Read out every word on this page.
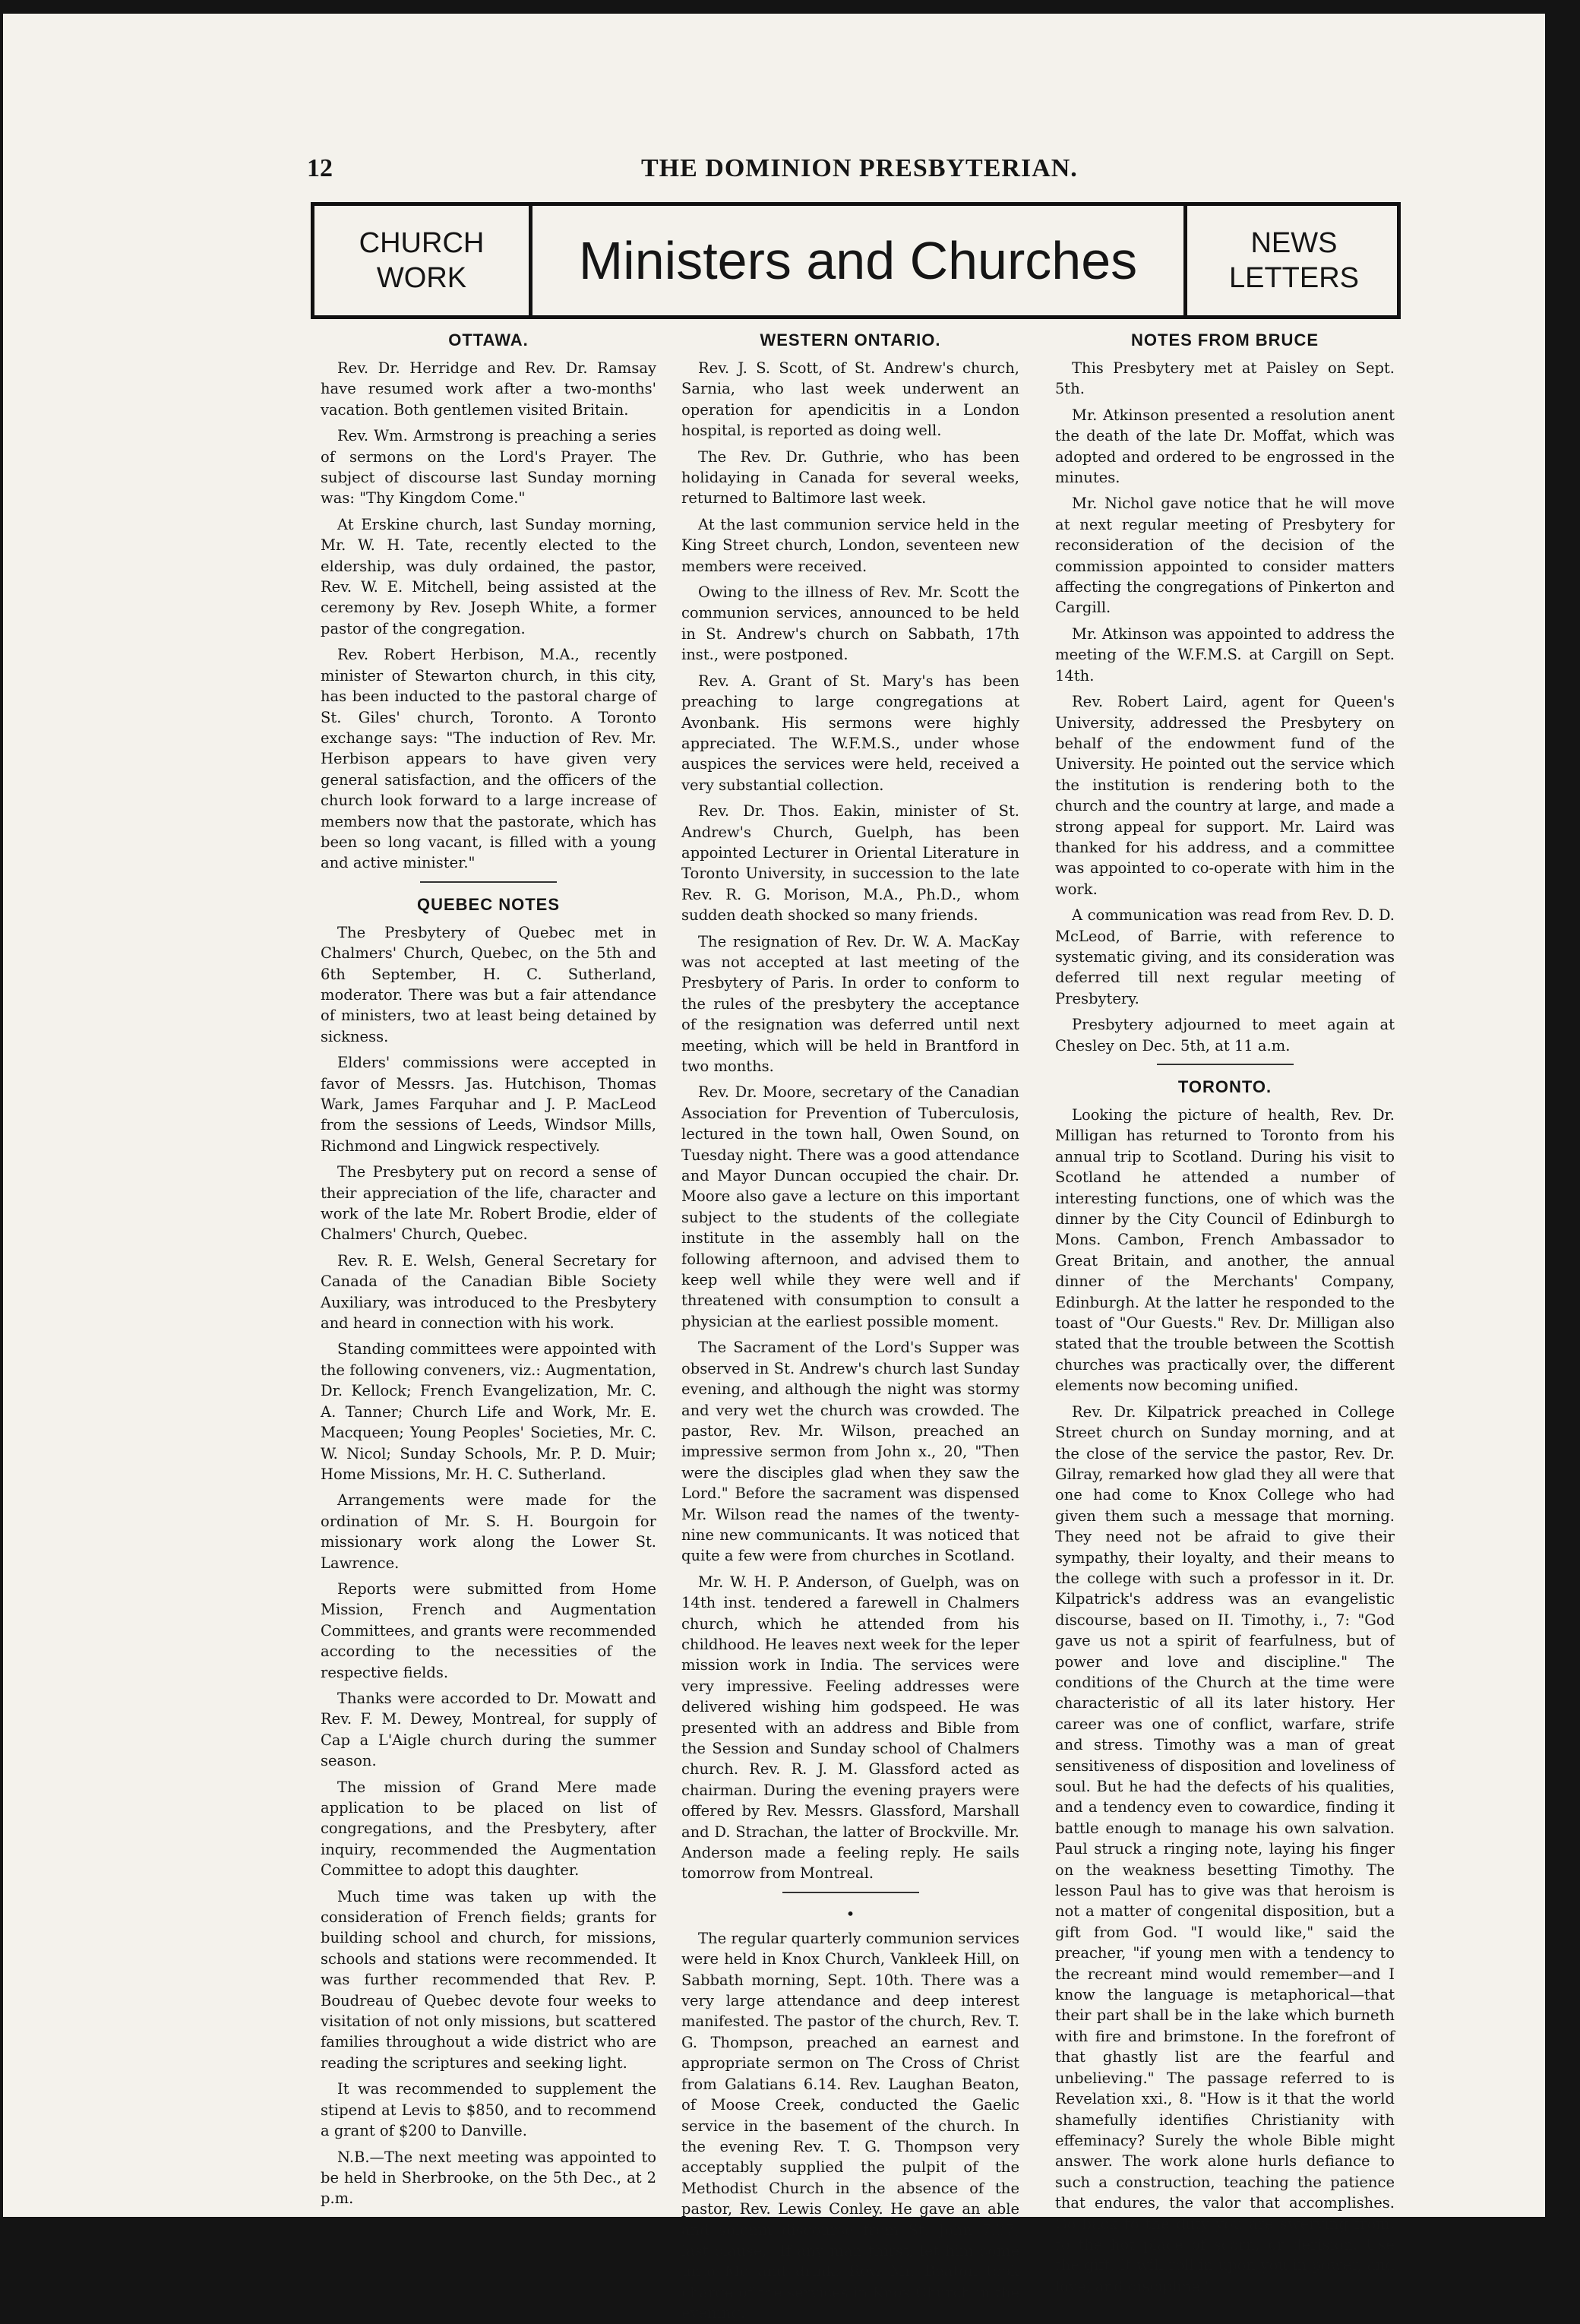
12	THE DOMINION PRESBYTERIAN.
CHURCH
WORK	Ministers and Churches	NEWS
LETTERS
OTTAWA.

Rev. Dr. Herridge and Rev. Dr. Ramsay have resumed work after a two-months' vacation. Both gentlemen visited Britain.

Rev. Wm. Armstrong is preaching a series of sermons on the Lord's Prayer. The subject of discourse last Sunday morning was: "Thy Kingdom Come."

At Erskine church, last Sunday morning, Mr. W. H. Tate, recently elected to the eldership, was duly ordained, the pastor, Rev. W. E. Mitchell, being assisted at the ceremony by Rev. Joseph White, a former pastor of the congregation.

Rev. Robert Herbison, M.A., recently minister of Stewarton church, in this city, has been inducted to the pastoral charge of St. Giles' church, Toronto. A Toronto exchange says: "The induction of Rev. Mr. Herbison appears to have given very general satisfaction, and the officers of the church look forward to a large increase of members now that the pastorate, which has been so long vacant, is filled with a young and active minister."

QUEBEC NOTES

The Presbytery of Quebec met in Chalmers' Church, Quebec, on the 5th and 6th September, H. C. Sutherland, moderator. There was but a fair attendance of ministers, two at least being detained by sickness.

Elders' commissions were accepted in favor of Messrs. Jas. Hutchison, Thomas Wark, James Farquhar and J. P. MacLeod from the sessions of Leeds, Windsor Mills, Richmond and Lingwick respectively.

The Presbytery put on record a sense of their appreciation of the life, character and work of the late Mr. Robert Brodie, elder of Chalmers' Church, Quebec.

Rev. R. E. Welsh, General Secretary for Canada of the Canadian Bible Society Auxiliary, was introduced to the Presbytery and heard in connection with his work.

Standing committees were appointed with the following conveners, viz.: Augmentation, Dr. Kellock; French Evangelization, Mr. C. A. Tanner; Church Life and Work, Mr. E. Macqueen; Young Peoples' Societies, Mr. C. W. Nicol; Sunday Schools, Mr. P. D. Muir; Home Missions, Mr. H. C. Sutherland.

Arrangements were made for the ordination of Mr. S. H. Bourgoin for missionary work along the Lower St. Lawrence.

Reports were submitted from Home Mission, French and Augmentation Committees, and grants were recommended according to the necessities of the respective fields.

Thanks were accorded to Dr. Mowatt and Rev. F. M. Dewey, Montreal, for supply of Cap a L'Aigle church during the summer season.

The mission of Grand Mere made application to be placed on list of congregations, and the Presbytery, after inquiry, recommended the Augmentation Committee to adopt this daughter.

Much time was taken up with the consideration of French fields; grants for building school and church, for missions, schools and stations were recommended. It was further recommended that Rev. P. Boudreau of Quebec devote four weeks to visitation of not only missions, but scattered families throughout a wide district who are reading the scriptures and seeking light.

It was recommended to supplement the stipend at Levis to $850, and to recommend a grant of $200 to Danville.

N.B.—The next meeting was appointed to be held in Sherbrooke, on the 5th Dec., at 2 p.m.

WESTERN ONTARIO.

Rev. J. S. Scott, of St. Andrew's church, Sarnia, who last week underwent an operation for apendicitis in a London hospital, is reported as doing well.

The Rev. Dr. Guthrie, who has been holidaying in Canada for several weeks, returned to Baltimore last week.

At the last communion service held in the King Street church, London, seventeen new members were received.

Owing to the illness of Rev. Mr. Scott the communion services, announced to be held in St. Andrew's church on Sabbath, 17th inst., were postponed.

Rev. A. Grant of St. Mary's has been preaching to large congregations at Avonbank. His sermons were highly appreciated. The W.F.M.S., under whose auspices the services were held, received a very substantial collection.

Rev. Dr. Thos. Eakin, minister of St. Andrew's Church, Guelph, has been appointed Lecturer in Oriental Literature in Toronto University, in succession to the late Rev. R. G. Morison, M.A., Ph.D., whom sudden death shocked so many friends.

The resignation of Rev. Dr. W. A. MacKay was not accepted at last meeting of the Presbytery of Paris. In order to conform to the rules of the presbytery the acceptance of the resignation was deferred until next meeting, which will be held in Brantford in two months.

Rev. Dr. Moore, secretary of the Canadian Association for Prevention of Tuberculosis, lectured in the town hall, Owen Sound, on Tuesday night. There was a good attendance and Mayor Duncan occupied the chair. Dr. Moore also gave a lecture on this important subject to the students of the collegiate institute in the assembly hall on the following afternoon, and advised them to keep well while they were well and if threatened with consumption to consult a physician at the earliest possible moment.

The Sacrament of the Lord's Supper was observed in St. Andrew's church last Sunday evening, and although the night was stormy and very wet the church was crowded. The pastor, Rev. Mr. Wilson, preached an impressive sermon from John x., 20, "Then were the disciples glad when they saw the Lord." Before the sacrament was dispensed Mr. Wilson read the names of the twenty-nine new communicants. It was noticed that quite a few were from churches in Scotland.

Mr. W. H. P. Anderson, of Guelph, was on 14th inst. tendered a farewell in Chalmers church, which he attended from his childhood. He leaves next week for the leper mission work in India. The services were very impressive. Feeling addresses were delivered wishing him godspeed. He was presented with an address and Bible from the Session and Sunday school of Chalmers church. Rev. R. J. M. Glassford acted as chairman. During the evening prayers were offered by Rev. Messrs. Glassford, Marshall and D. Strachan, the latter of Brockville. Mr. Anderson made a feeling reply. He sails tomorrow from Montreal.

•

The regular quarterly communion services were held in Knox Church, Vankleek Hill, on Sabbath morning, Sept. 10th. There was a very large attendance and deep interest manifested. The pastor of the church, Rev. T. G. Thompson, preached an earnest and appropriate sermon on The Cross of Christ from Galatians 6.14. Rev. Laughan Beaton, of Moose Creek, conducted the Gaelic service in the basement of the church. In the evening Rev. T. G. Thompson very acceptably supplied the pulpit of the Methodist Church in the absence of the pastor, Rev. Lewis Conley. He gave an able and solemn discourse from St. John 7.37, last clause, "If any man thirst, let him come unto Me and drink. Rev. Mr. Beaton took charge of the services in Knox Church in the evening.

NOTES FROM BRUCE

This Presbytery met at Paisley on Sept. 5th.

Mr. Atkinson presented a resolution anent the death of the late Dr. Moffat, which was adopted and ordered to be engrossed in the minutes.

Mr. Nichol gave notice that he will move at next regular meeting of Presbytery for reconsideration of the decision of the commission appointed to consider matters affecting the congregations of Pinkerton and Cargill.

Mr. Atkinson was appointed to address the meeting of the W.F.M.S. at Cargill on Sept. 14th.

Rev. Robert Laird, agent for Queen's University, addressed the Presbytery on behalf of the endowment fund of the University. He pointed out the service which the institution is rendering both to the church and the country at large, and made a strong appeal for support. Mr. Laird was thanked for his address, and a committee was appointed to co-operate with him in the work.

A communication was read from Rev. D. D. McLeod, of Barrie, with reference to systematic giving, and its consideration was deferred till next regular meeting of Presbytery.

Presbytery adjourned to meet again at Chesley on Dec. 5th, at 11 a.m.

TORONTO.

Looking the picture of health, Rev. Dr. Milligan has returned to Toronto from his annual trip to Scotland. During his visit to Scotland he attended a number of interesting functions, one of which was the dinner by the City Council of Edinburgh to Mons. Cambon, French Ambassador to Great Britain, and another, the annual dinner of the Merchants' Company, Edinburgh. At the latter he responded to the toast of "Our Guests." Rev. Dr. Milligan also stated that the trouble between the Scottish churches was practically over, the different elements now becoming unified.

Rev. Dr. Kilpatrick preached in College Street church on Sunday morning, and at the close of the service the pastor, Rev. Dr. Gilray, remarked how glad they all were that one had come to Knox College who had given them such a message that morning. They need not be afraid to give their sympathy, their loyalty, and their means to the college with such a professor in it. Dr. Kilpatrick's address was an evangelistic discourse, based on II. Timothy, i., 7: "God gave us not a spirit of fearfulness, but of power and love and discipline." The conditions of the Church at the time were characteristic of all its later history. Her career was one of conflict, warfare, strife and stress. Timothy was a man of great sensitiveness of disposition and loveliness of soul. But he had the defects of his qualities, and a tendency even to cowardice, finding it battle enough to manage his own salvation. Paul struck a ringing note, laying his finger on the weakness besetting Timothy. The lesson Paul has to give was that heroism is not a matter of congenital disposition, but a gift from God. "I would like," said the preacher, "if young men with a tendency to the recreant mind would remember—and I know the language is metaphorical—that their part shall be in the lake which burneth with fire and brimstone. In the forefront of that ghastly list are the fearful and unbelieving." The passage referred to is Revelation xxi., 8. "How is it that the world shamefully identifies Christianity with effeminacy? Surely the whole Bible might answer. The work alone hurls defiance to such a construction, teaching the patience that endures, the valor that accomplishes. Go back to the duty you are swerving from, to the hot place of scorn, or derision. Use the gift. It will roll in upon you in power, and love, and discipline."
